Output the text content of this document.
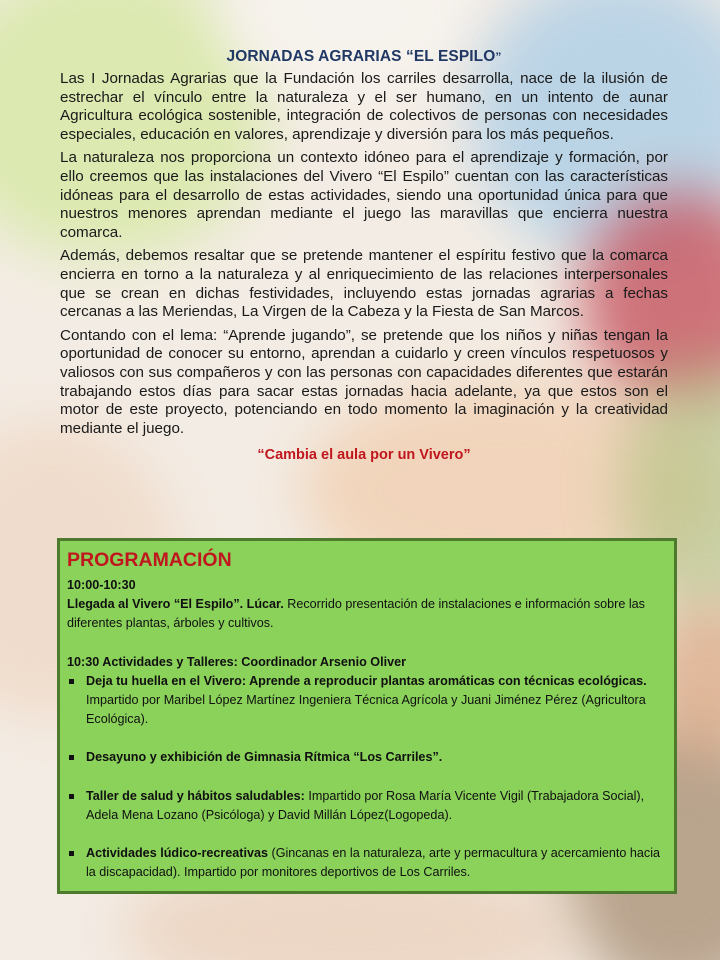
JORNADAS AGRARIAS “EL ESPILO”

Las I Jornadas Agrarias que la Fundación los carriles desarrolla, nace de la ilusión de estrechar el vínculo entre la naturaleza y el ser humano, en un intento de aunar Agricultura ecológica sostenible, integración de colectivos de personas con necesidades especiales, educación en valores, aprendizaje y diversión para los más pequeños.

La naturaleza nos proporciona un contexto idóneo para el aprendizaje y formación, por ello creemos que las instalaciones del Vivero “El Espilo” cuentan con las características idóneas para el desarrollo de estas actividades, siendo una oportunidad única para que nuestros menores aprendan mediante el juego las maravillas que encierra nuestra comarca.

Además, debemos resaltar que se pretende mantener el espíritu festivo que la comarca encierra en torno a la naturaleza y al enriquecimiento de las relaciones interpersonales que se crean en dichas festividades, incluyendo estas jornadas agrarias a fechas cercanas a las Meriendas, La Virgen de la Cabeza y la Fiesta de San Marcos.

Contando con el lema: “Aprende jugando”, se pretende que los niños y niñas tengan la oportunidad de conocer su entorno, aprendan a cuidarlo y creen vínculos respetuosos y valiosos con sus compañeros y con las personas con capacidades diferentes que estarán trabajando estos días para sacar estas jornadas hacia adelante, ya que estos son el motor de este proyecto, potenciando en todo momento la imaginación y la creatividad mediante el juego.

“Cambia el aula por un Vivero”
PROGRAMACIÓN

10:00-10:30

Llegada al Vivero “El Espilo”. Lúcar. Recorrido presentación de instalaciones e información sobre las diferentes plantas, árboles y cultivos.

10:30 Actividades y Talleres: Coordinador Arsenio Oliver

Deja tu huella en el Vivero: Aprende a reproducir plantas aromáticas con técnicas ecológicas. Impartido por Maribel López Martínez Ingeniera Técnica Agrícola y Juani Jiménez Pérez (Agricultora Ecológica).
Desayuno y exhibición de Gimnasia Rítmica “Los Carriles”.
Taller de salud y hábitos saludables: Impartido por Rosa María Vicente Vigil (Trabajadora Social), Adela Mena Lozano (Psicóloga) y David Millán López(Logopeda).
Actividades lúdico-recreativas (Gincanas en la naturaleza, arte y permacultura y acercamiento hacia la discapacidad). Impartido por monitores deportivos de Los Carriles.
